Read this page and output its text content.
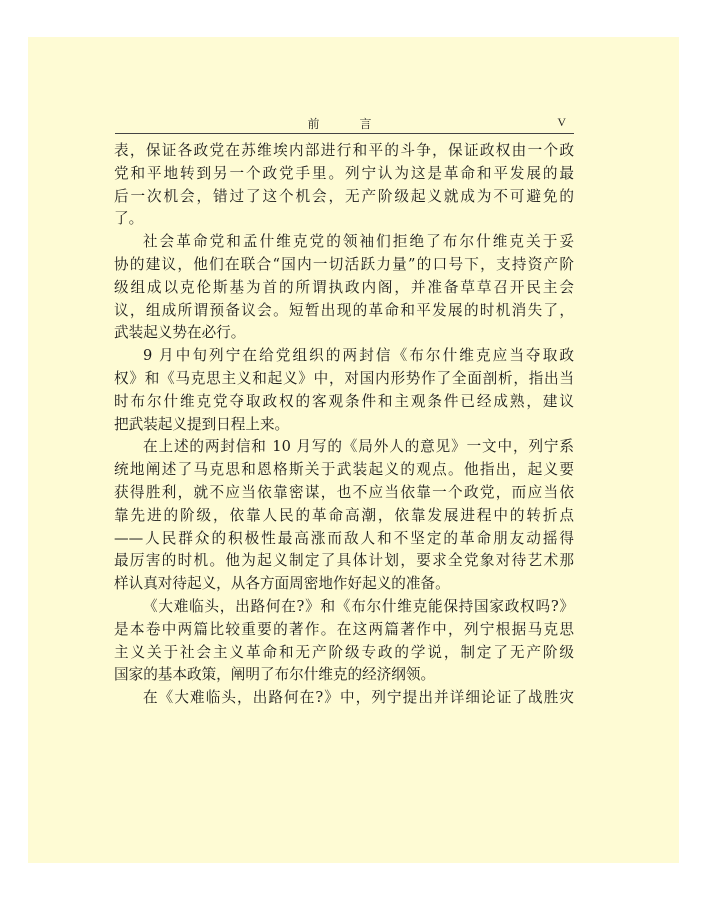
前言	V

表，保证各政党在苏维埃内部进行和平的斗争，保证政权由一个政

党和平地转到另一个政党手里。列宁认为这是革命和平发展的最

后一次机会，错过了这个机会，无产阶级起义就成为不可避免的

了。

社会革命党和孟什维克党的领袖们拒绝了布尔什维克关于妥

协的建议，他们在联合“国内一切活跃力量”的口号下，支持资产阶

级组成以克伦斯基为首的所谓执政内阁，并准备草草召开民主会

议，组成所谓预备议会。短暂出现的革命和平发展的时机消失了，

武装起义势在必行。

9 月中旬列宁在给党组织的两封信《布尔什维克应当夺取政

权》和《马克思主义和起义》中，对国内形势作了全面剖析，指出当

时布尔什维克党夺取政权的客观条件和主观条件已经成熟，建议

把武装起义提到日程上来。

在上述的两封信和 10 月写的《局外人的意见》一文中，列宁系

统地阐述了马克思和恩格斯关于武装起义的观点。他指出，起义要

获得胜利，就不应当依靠密谋，也不应当依靠一个政党，而应当依

靠先进的阶级，依靠人民的革命高潮，依靠发展进程中的转折点

——人民群众的积极性最高涨而敌人和不坚定的革命朋友动摇得

最厉害的时机。他为起义制定了具体计划，要求全党象对待艺术那

样认真对待起义，从各方面周密地作好起义的准备。

《大难临头，出路何在?》和《布尔什维克能保持国家政权吗?》

是本卷中两篇比较重要的著作。在这两篇著作中，列宁根据马克思

主义关于社会主义革命和无产阶级专政的学说，制定了无产阶级

国家的基本政策，阐明了布尔什维克的经济纲领。

在《大难临头，出路何在?》中，列宁提出并详细论证了战胜灾
